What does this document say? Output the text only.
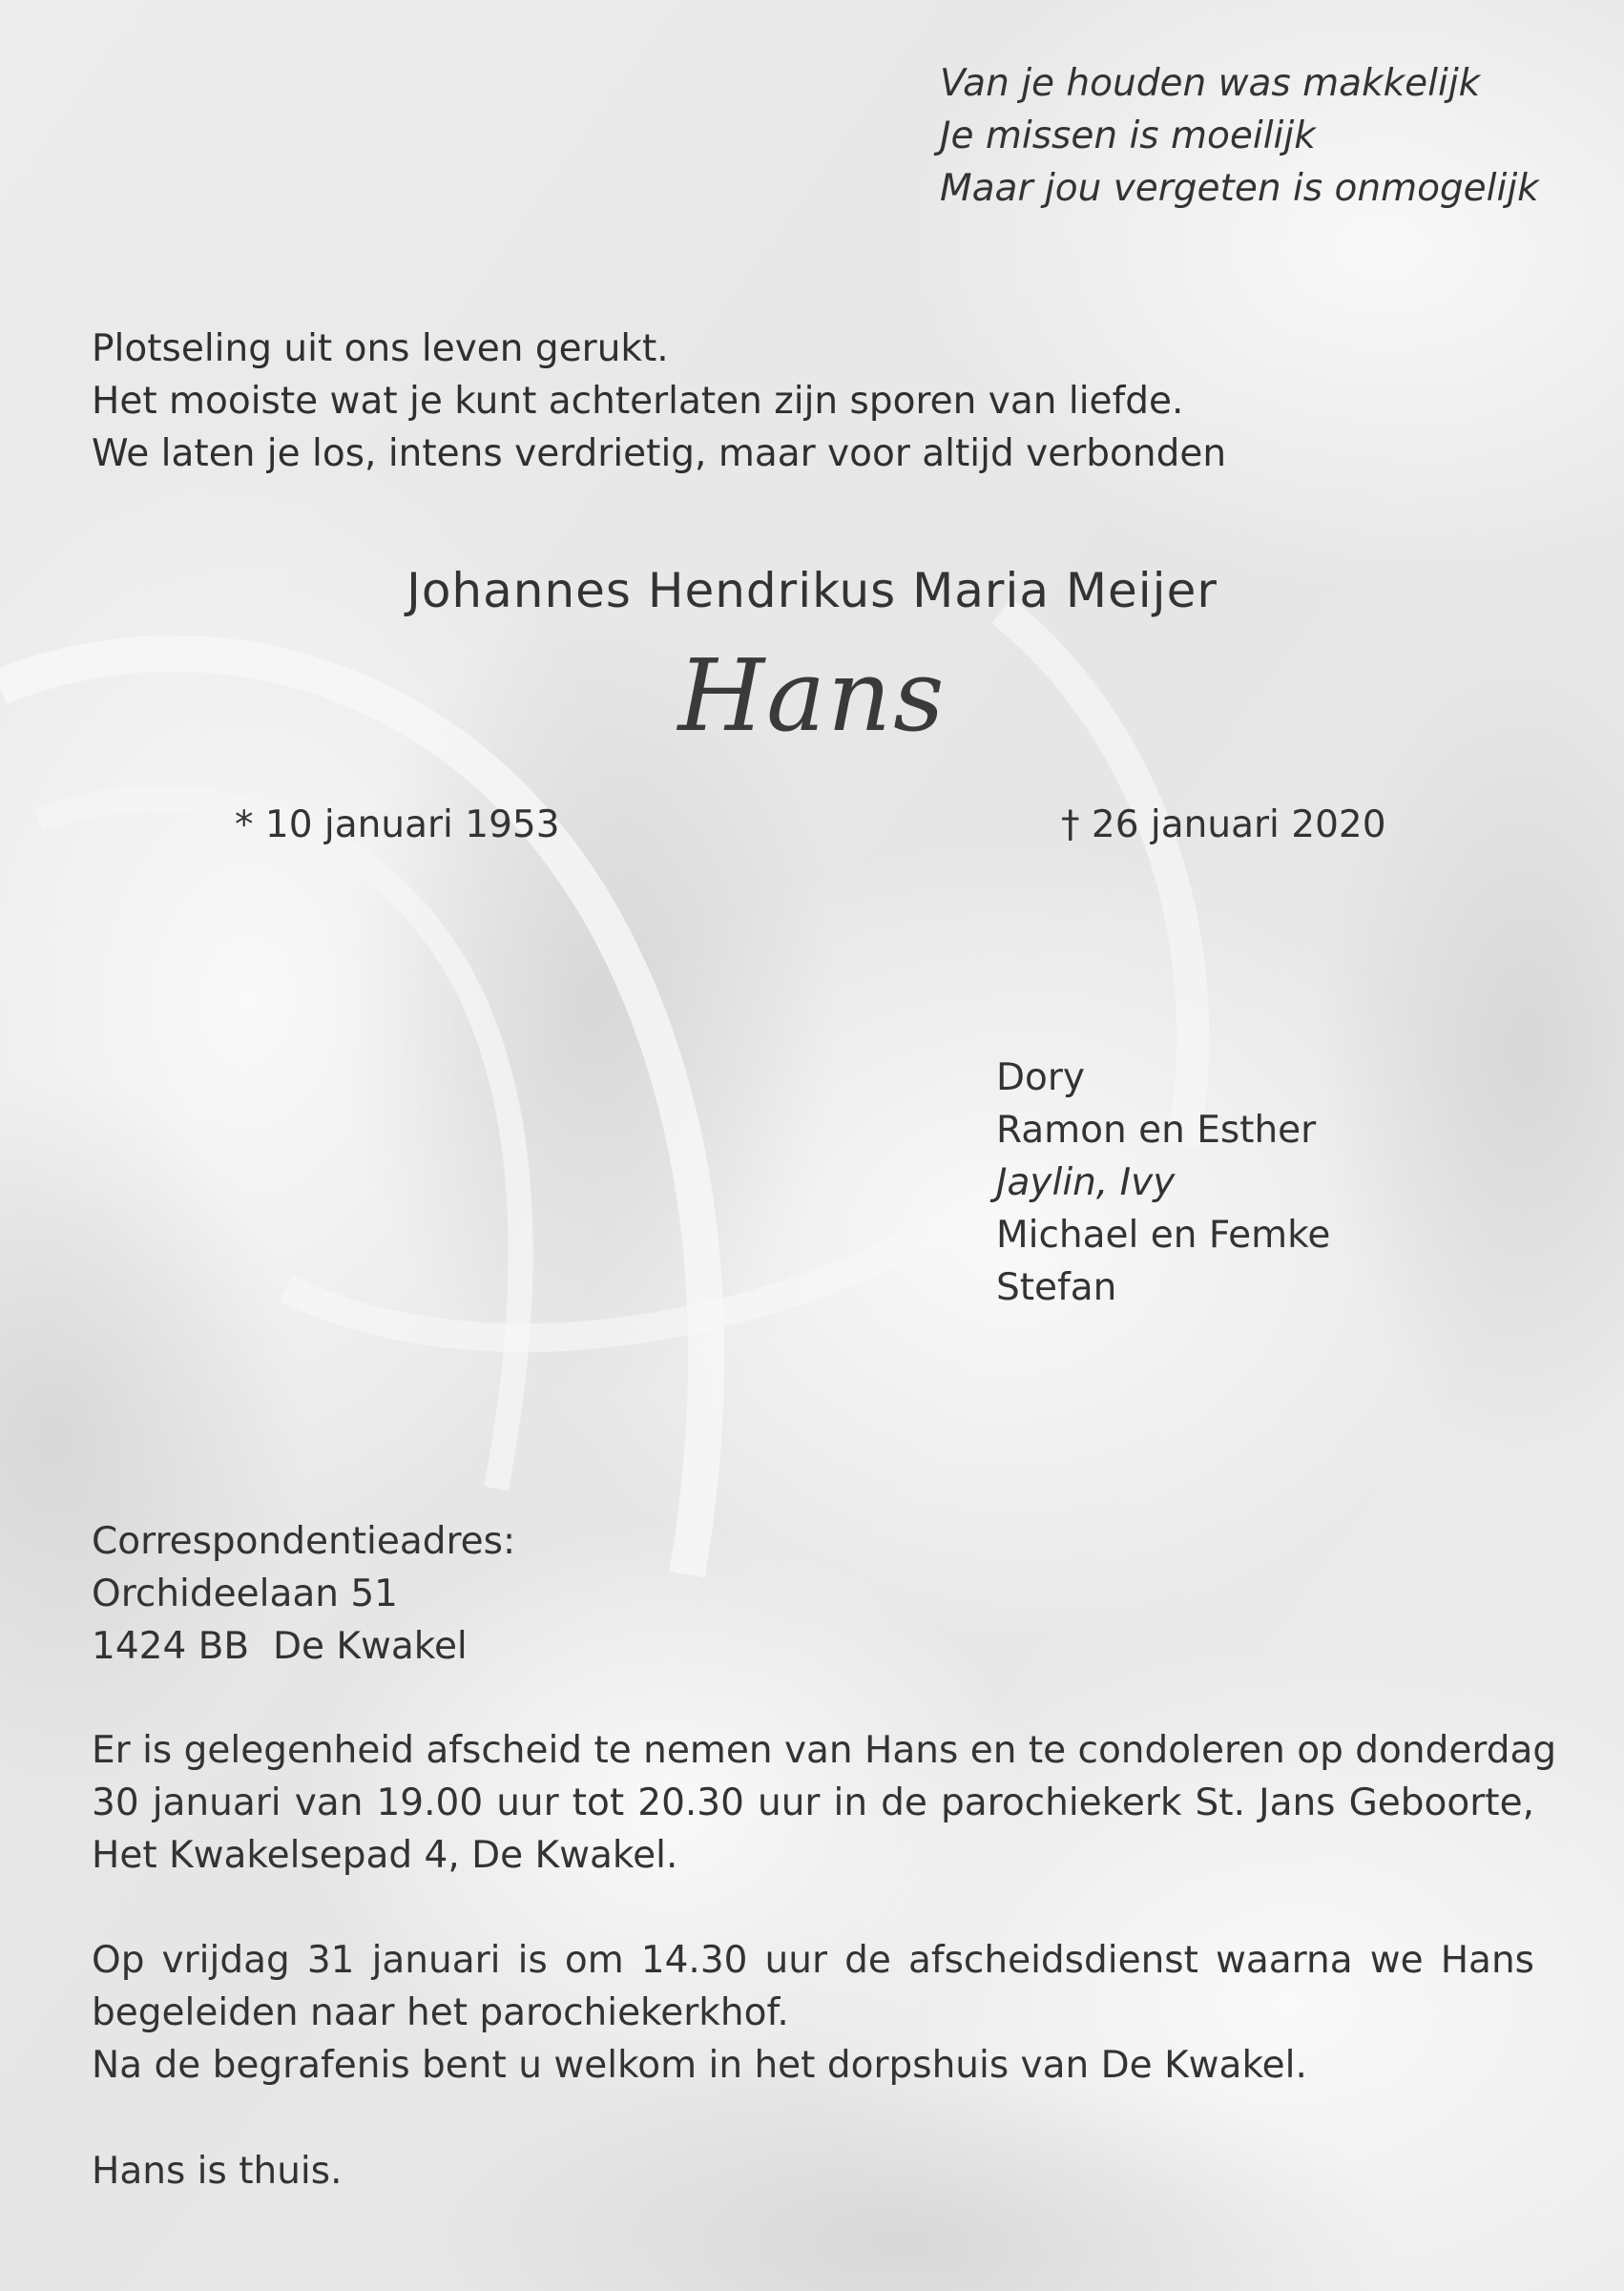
Van je houden was makkelijk
Je missen is moeilijk
Maar jou vergeten is onmogelijk
Plotseling uit ons leven gerukt.
Het mooiste wat je kunt achterlaten zijn sporen van liefde.
We laten je los, intens verdrietig, maar voor altijd verbonden
Johannes Hendrikus Maria Meijer
Hans
* 10 januari 1953	† 26 januari 2020
Dory
Ramon en Esther
Jaylin, Ivy
Michael en Femke
Stefan
Correspondentieadres:
Orchideelaan 51
1424 BB  De Kwakel
Er is gelegenheid afscheid te nemen van Hans en te condoleren op donderdag
30 januari van 19.00 uur tot 20.30 uur in de parochiekerk St. Jans Geboorte,
Het Kwakelsepad 4, De Kwakel.
Op vrijdag 31 januari is om 14.30 uur de afscheidsdienst waarna we Hans
begeleiden naar het parochiekerkhof.
Na de begrafenis bent u welkom in het dorpshuis van De Kwakel.
Hans is thuis.
